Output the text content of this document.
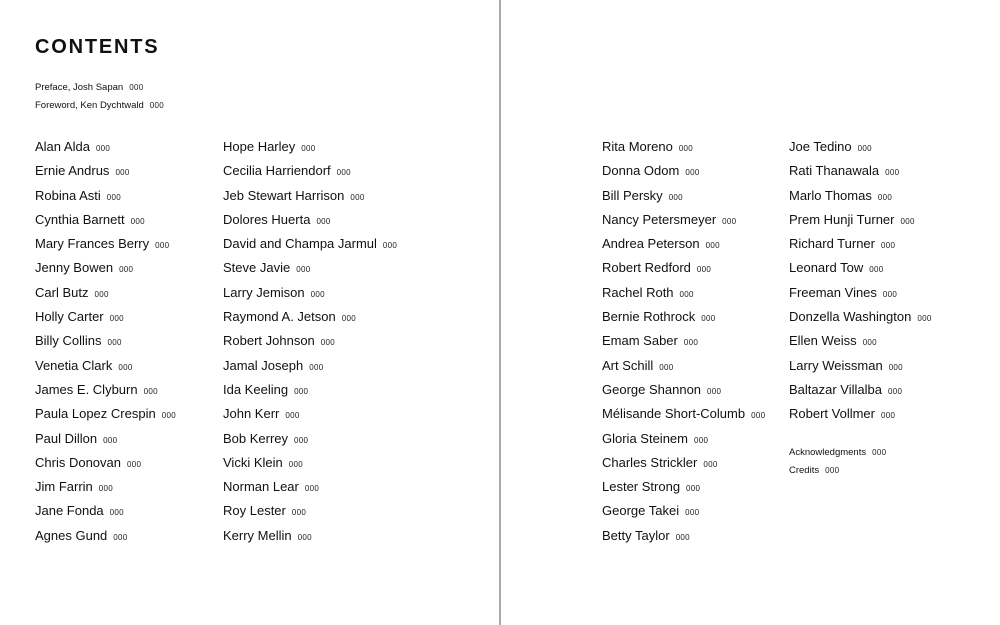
CONTENTS
Preface, Josh Sapan 000
Foreword, Ken Dychtwald 000
Alan Alda 000
Ernie Andrus 000
Robina Asti 000
Cynthia Barnett 000
Mary Frances Berry 000
Jenny Bowen 000
Carl Butz 000
Holly Carter 000
Billy Collins 000
Venetia Clark 000
James E. Clyburn 000
Paula Lopez Crespin 000
Paul Dillon 000
Chris Donovan 000
Jim Farrin 000
Jane Fonda 000
Agnes Gund 000
Hope Harley 000
Cecilia Harriendorf 000
Jeb Stewart Harrison 000
Dolores Huerta 000
David and Champa Jarmul 000
Steve Javie 000
Larry Jemison 000
Raymond A. Jetson 000
Robert Johnson 000
Jamal Joseph 000
Ida Keeling 000
John Kerr 000
Bob Kerrey 000
Vicki Klein 000
Norman Lear 000
Roy Lester 000
Kerry Mellin 000
Rita Moreno 000
Donna Odom 000
Bill Persky 000
Nancy Petersmeyer 000
Andrea Peterson 000
Robert Redford 000
Rachel Roth 000
Bernie Rothrock 000
Emam Saber 000
Art Schill 000
George Shannon 000
Mélisande Short-Columb 000
Gloria Steinem 000
Charles Strickler 000
Lester Strong 000
George Takei 000
Betty Taylor 000
Joe Tedino 000
Rati Thanawala 000
Marlo Thomas 000
Prem Hunji Turner 000
Richard Turner 000
Leonard Tow 000
Freeman Vines 000
Donzella Washington 000
Ellen Weiss 000
Larry Weissman 000
Baltazar Villalba 000
Robert Vollmer 000
Acknowledgments 000
Credits 000
